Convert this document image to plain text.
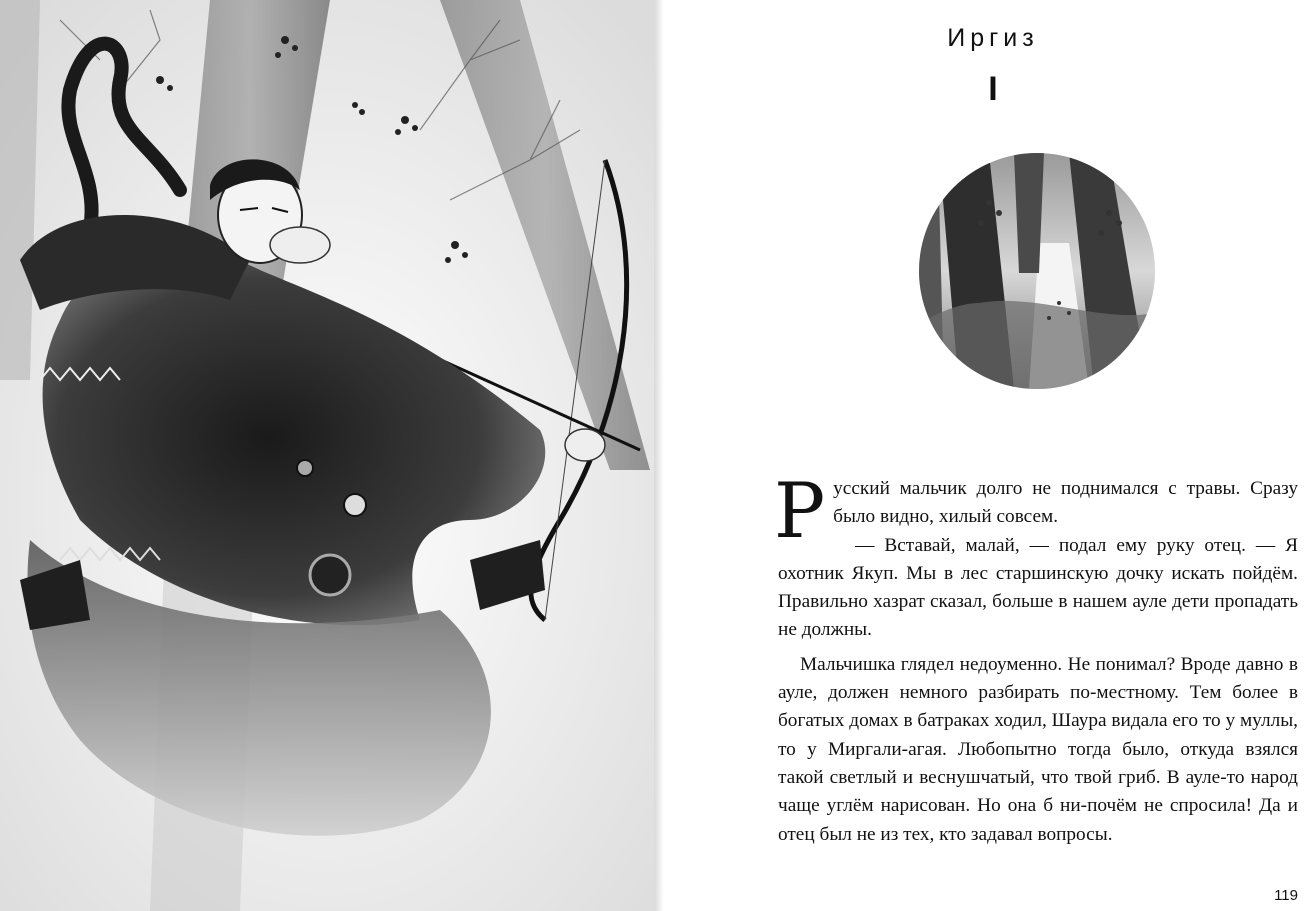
Иргиз
I

Русский мальчик долго не поднимался с травы. Сразу было видно, хилый совсем.

— Вставай, малай, — подал ему руку отец. — Я охотник Якуп. Мы в лес старшинскую дочку искать пойдём. Правильно хазрат сказал, больше в нашем ауле дети пропадать не должны.

Мальчишка глядел недоуменно. Не понимал? Вроде давно в ауле, должен немного разбирать по-местному. Тем более в богатых домах в батраках ходил, Шаура видала его то у муллы, то у Миргали-агая. Любопытно тогда было, откуда взялся такой светлый и веснушчатый, что твой гриб. В ауле-то народ чаще углём нарисован. Но она б ни-почём не спросила! Да и отец был не из тех, кто задавал вопросы.

119
